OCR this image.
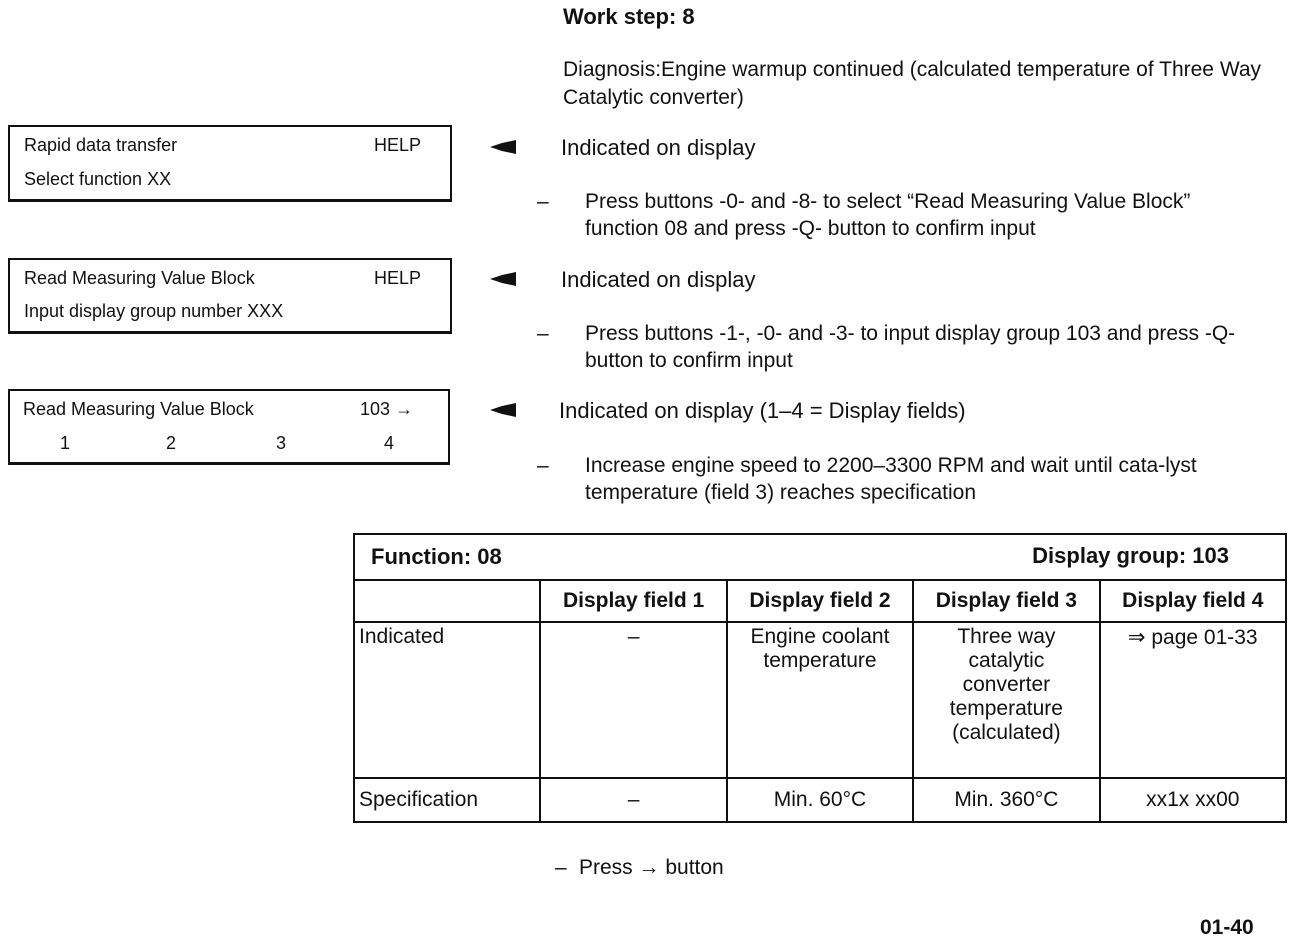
Work step: 8
Diagnosis:Engine warmup continued (calculated temperature of Three Way Catalytic converter)
Rapid data transfer	HELP
Select function XX
Indicated on display
– Press buttons -0- and -8- to select “Read Measuring Value Block” function 08 and press -Q- button to confirm input
Read Measuring Value Block	HELP
Input display group number XXX
Indicated on display
– Press buttons -1-, -0- and -3- to input display group 103 and press -Q- button to confirm input
Read Measuring Value Block	103 →
1	2	3	4
Indicated on display (1–4 = Display fields)
– Increase engine speed to 2200–3300 RPM and wait until cata-lyst temperature (field 3) reaches specification
Function: 08 Display group: 103				

	Display field 1	Display field 2	Display field 3	Display field 4
Indicated	–	Engine coolant temperature	Three way catalytic converter temperature (calculated)	⇒ page 01-33
Specification	–	Min. 60°C	Min. 360°C	xx1x xx00
– Press → button
01-40
